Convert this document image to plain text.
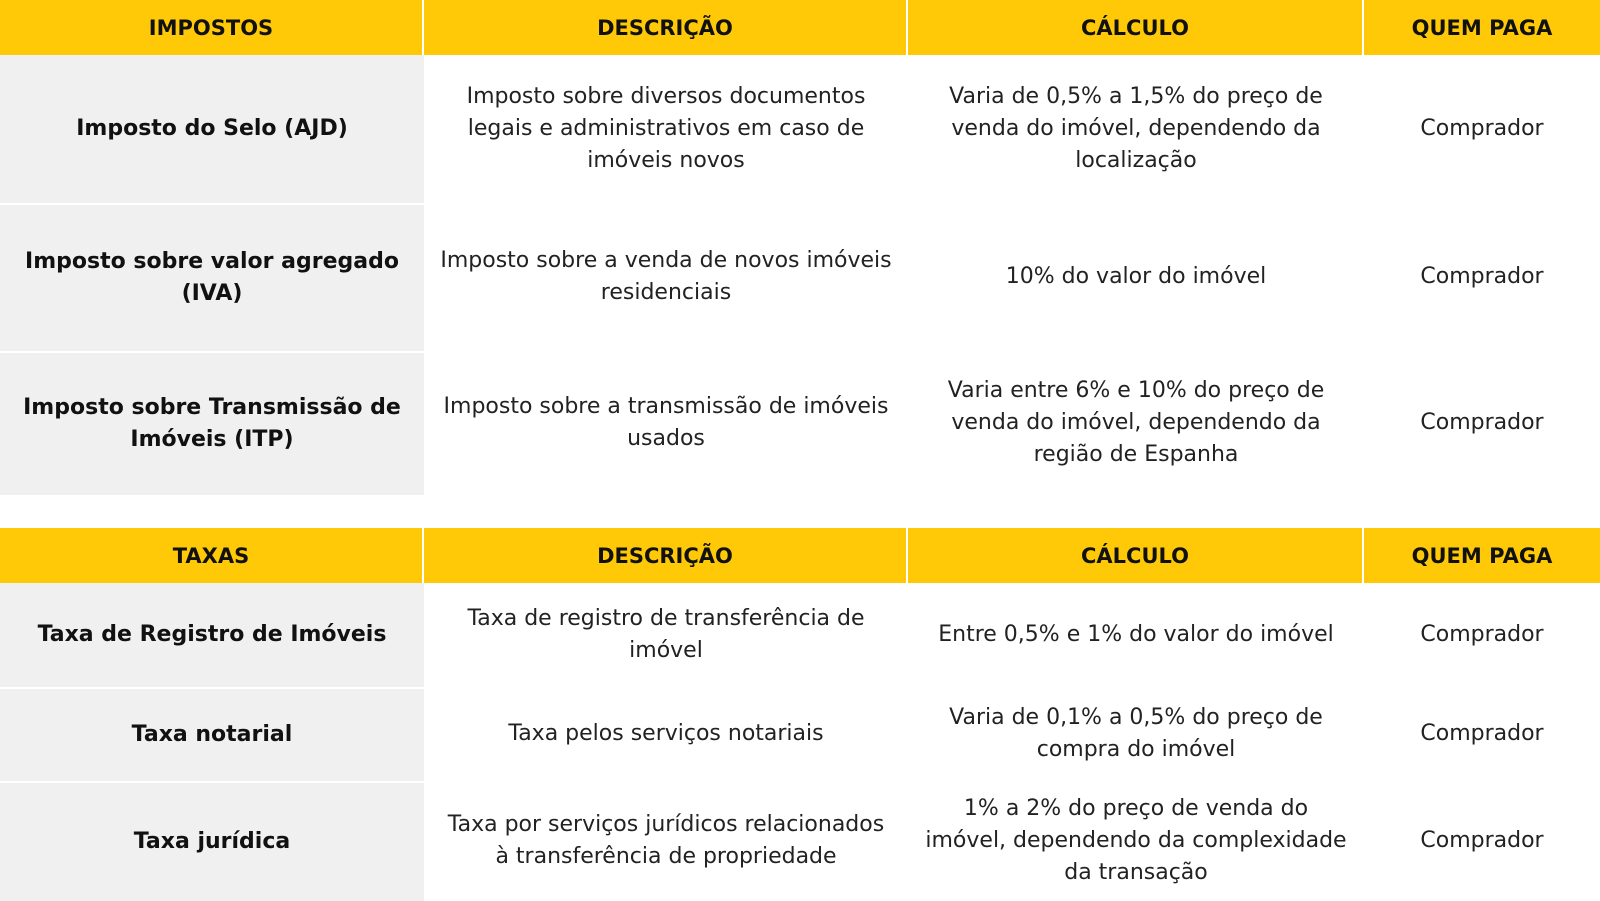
IMPOSTOS	DESCRIÇÃO	CÁLCULO	QUEM PAGA
Imposto do Selo (AJD)	Imposto sobre diversos documentos legais e administrativos em caso de imóveis novos	Varia de 0,5% a 1,5% do preço de venda do imóvel, dependendo da localização	Comprador
Imposto sobre valor agregado (IVA)	Imposto sobre a venda de novos imóveis residenciais	10% do valor do imóvel	Comprador
Imposto sobre Transmissão de Imóveis (ITP)	Imposto sobre a transmissão de imóveis usados	Varia entre 6% e 10% do preço de venda do imóvel, dependendo da região de Espanha	Comprador
TAXAS	DESCRIÇÃO	CÁLCULO	QUEM PAGA
Taxa de Registro de Imóveis	Taxa de registro de transferência de imóvel	Entre 0,5% e 1% do valor do imóvel	Comprador
Taxa notarial	Taxa pelos serviços notariais	Varia de 0,1% a 0,5% do preço de compra do imóvel	Comprador
Taxa jurídica	Taxa por serviços jurídicos relacionados à transferência de propriedade	1% a 2% do preço de venda do imóvel, dependendo da complexidade da transação	Comprador
